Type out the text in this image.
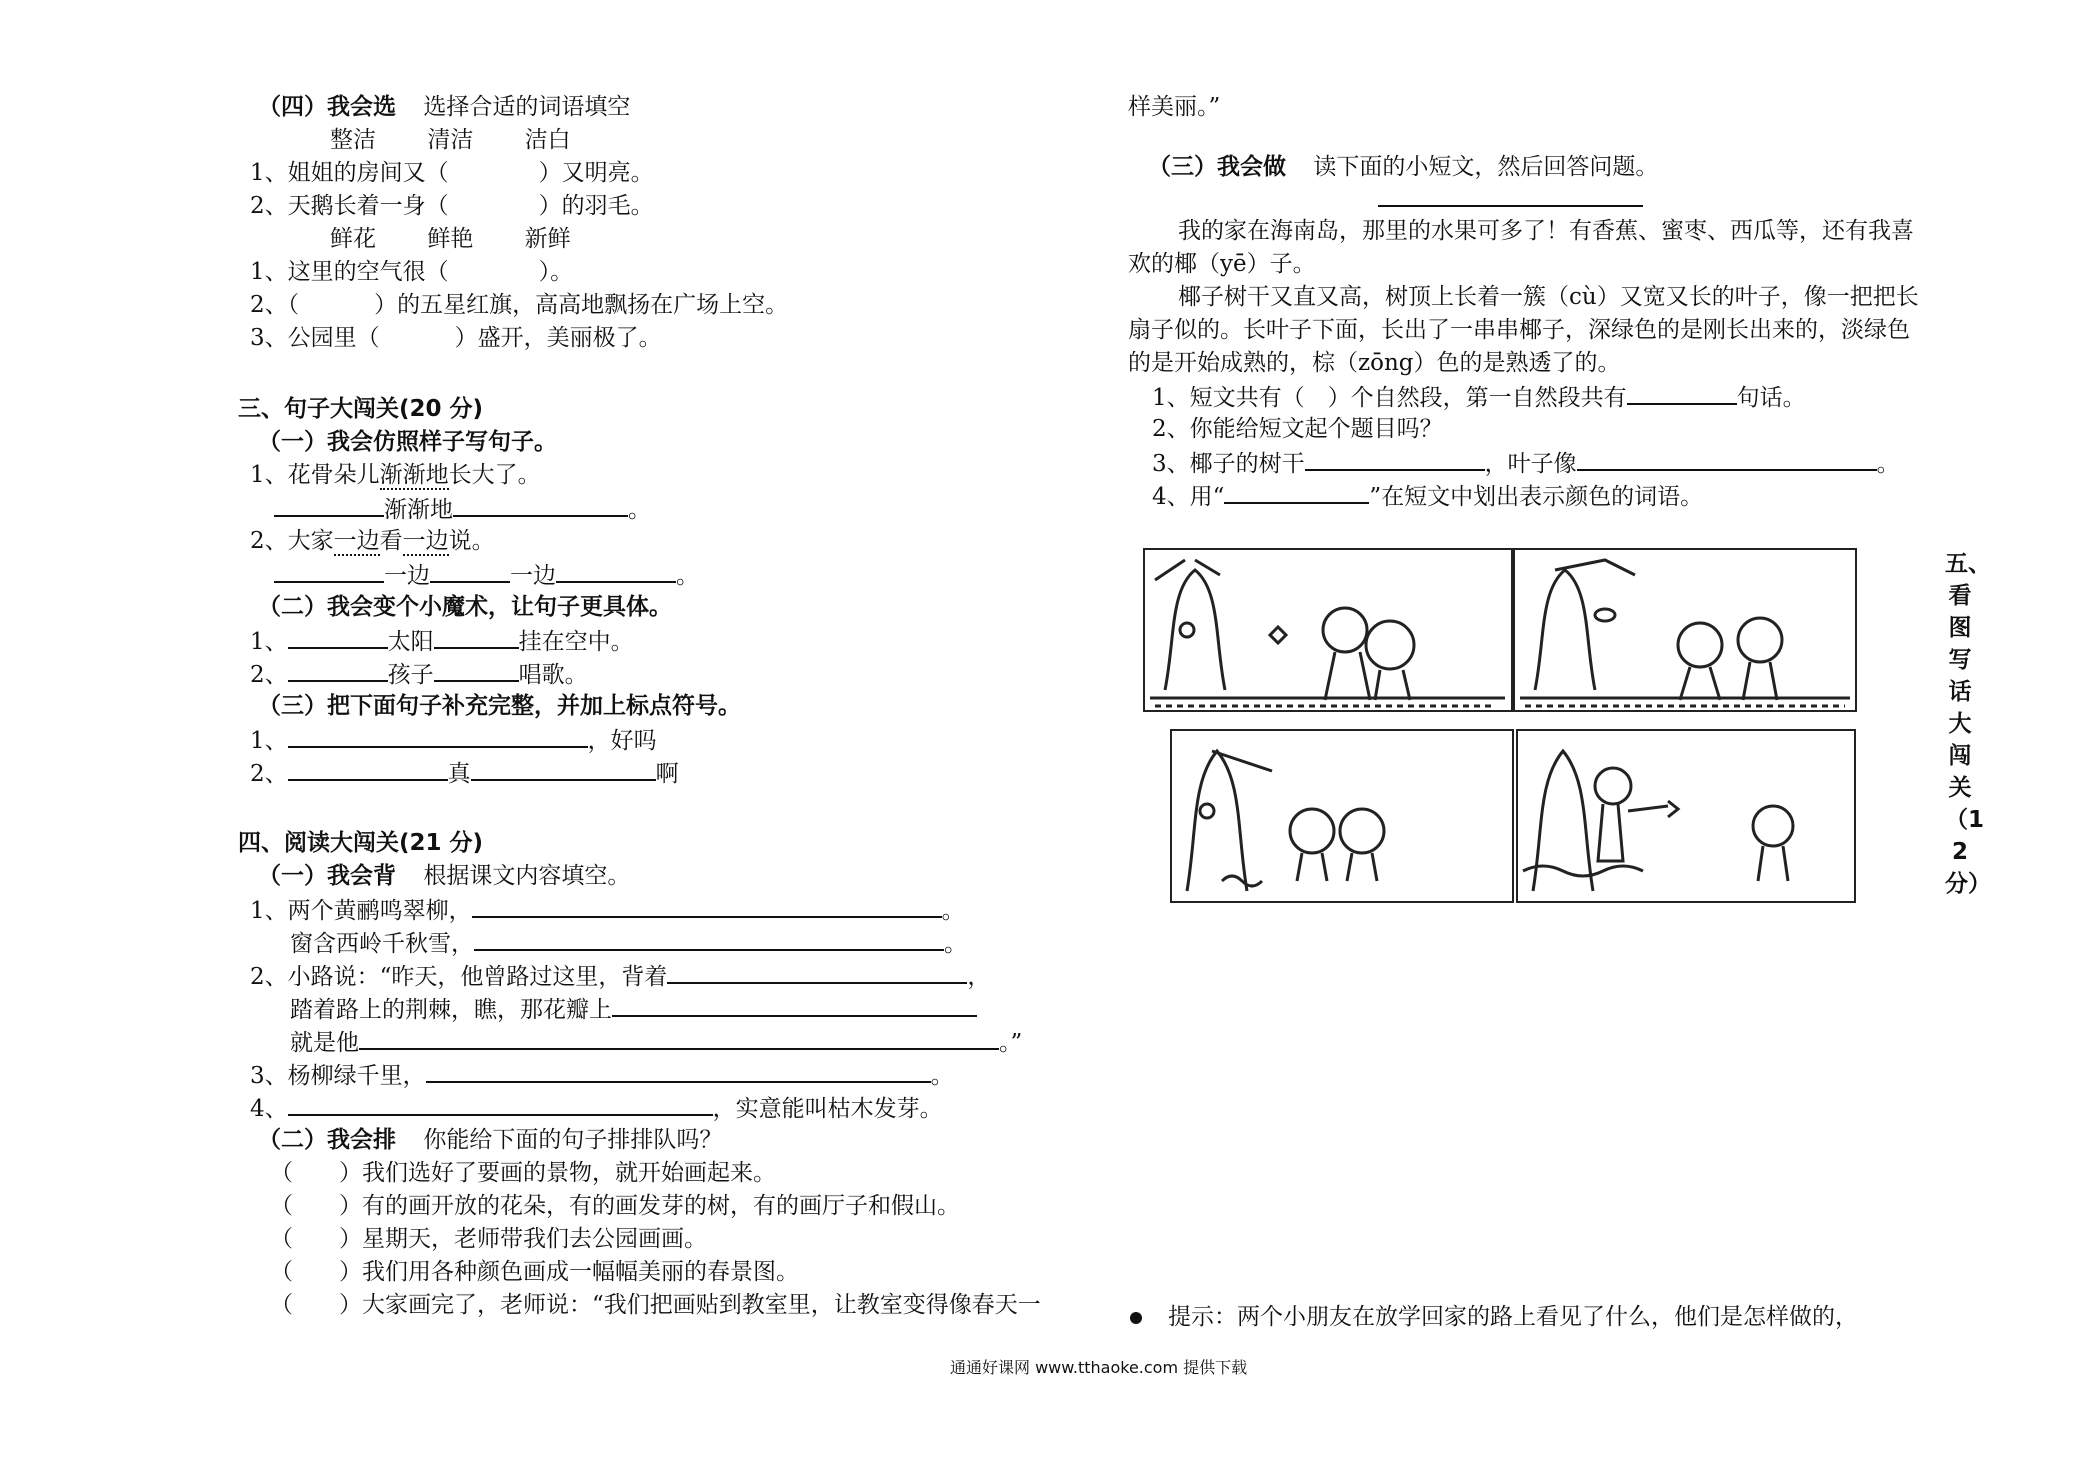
（四）我会选 选择合适的词语填空
整洁 清洁 洁白
1、姐姐的房间又（	）又明亮。
2、天鹅长着一身（	）的羽毛。
鲜花 鲜艳 新鲜
1、这里的空气很（	）。
2、（	）的五星红旗，高高地飘扬在广场上空。
3、公园里（	）盛开，美丽极了。
三、句子大闯关(20 分)
（一）我会仿照样子写句子。
1、花骨朵儿渐渐地长大了。
渐渐地	。
2、大家一边看一边说。
一边	一边	。
（二）我会变个小魔术，让句子更具体。
1、	太阳	挂在空中。
2、	孩子	唱歌。
（三）把下面句子补充完整，并加上标点符号。
1、	，好吗
2、	真	啊
四、阅读大闯关(21 分)
（一）我会背 根据课文内容填空。
1、两个黄鹂鸣翠柳，	。
窗含西岭千秋雪，	。
2、小路说：“昨天，他曾路过这里，背着	，
踏着路上的荆棘，瞧，那花瓣上
就是他	。”
3、杨柳绿千里，	。
4、	，实意能叫枯木发芽。
（二）我会排 你能给下面的句子排排队吗？
（　　）我们选好了要画的景物，就开始画起来。
（　　）有的画开放的花朵，有的画发芽的树，有的画厅子和假山。
（　　）星期天，老师带我们去公园画画。
（　　）我们用各种颜色画成一幅幅美丽的春景图。
（　　）大家画完了，老师说：“我们把画贴到教室里，让教室变得像春天一
样美丽。”
（三）我会做 读下面的小短文，然后回答问题。
我的家在海南岛，那里的水果可多了！有香蕉、蜜枣、西瓜等，还有我喜
欢的椰（yē）子。
椰子树干又直又高，树顶上长着一簇（cù）又宽又长的叶子，像一把把长
扇子似的。长叶子下面，长出了一串串椰子，深绿色的是刚长出来的，淡绿色
的是开始成熟的，棕（zōng）色的是熟透了的。
1、短文共有（　）个自然段，第一自然段共有	句话。
2、你能给短文起个题目吗？
3、椰子的树干	，叶子像	。
4、用“	”在短文中划出表示颜色的词语。
五、看图写话大闯关（12分）
提示：两个小朋友在放学回家的路上看见了什么，他们是怎样做的，
通通好课网 www.tthaoke.com 提供下载
